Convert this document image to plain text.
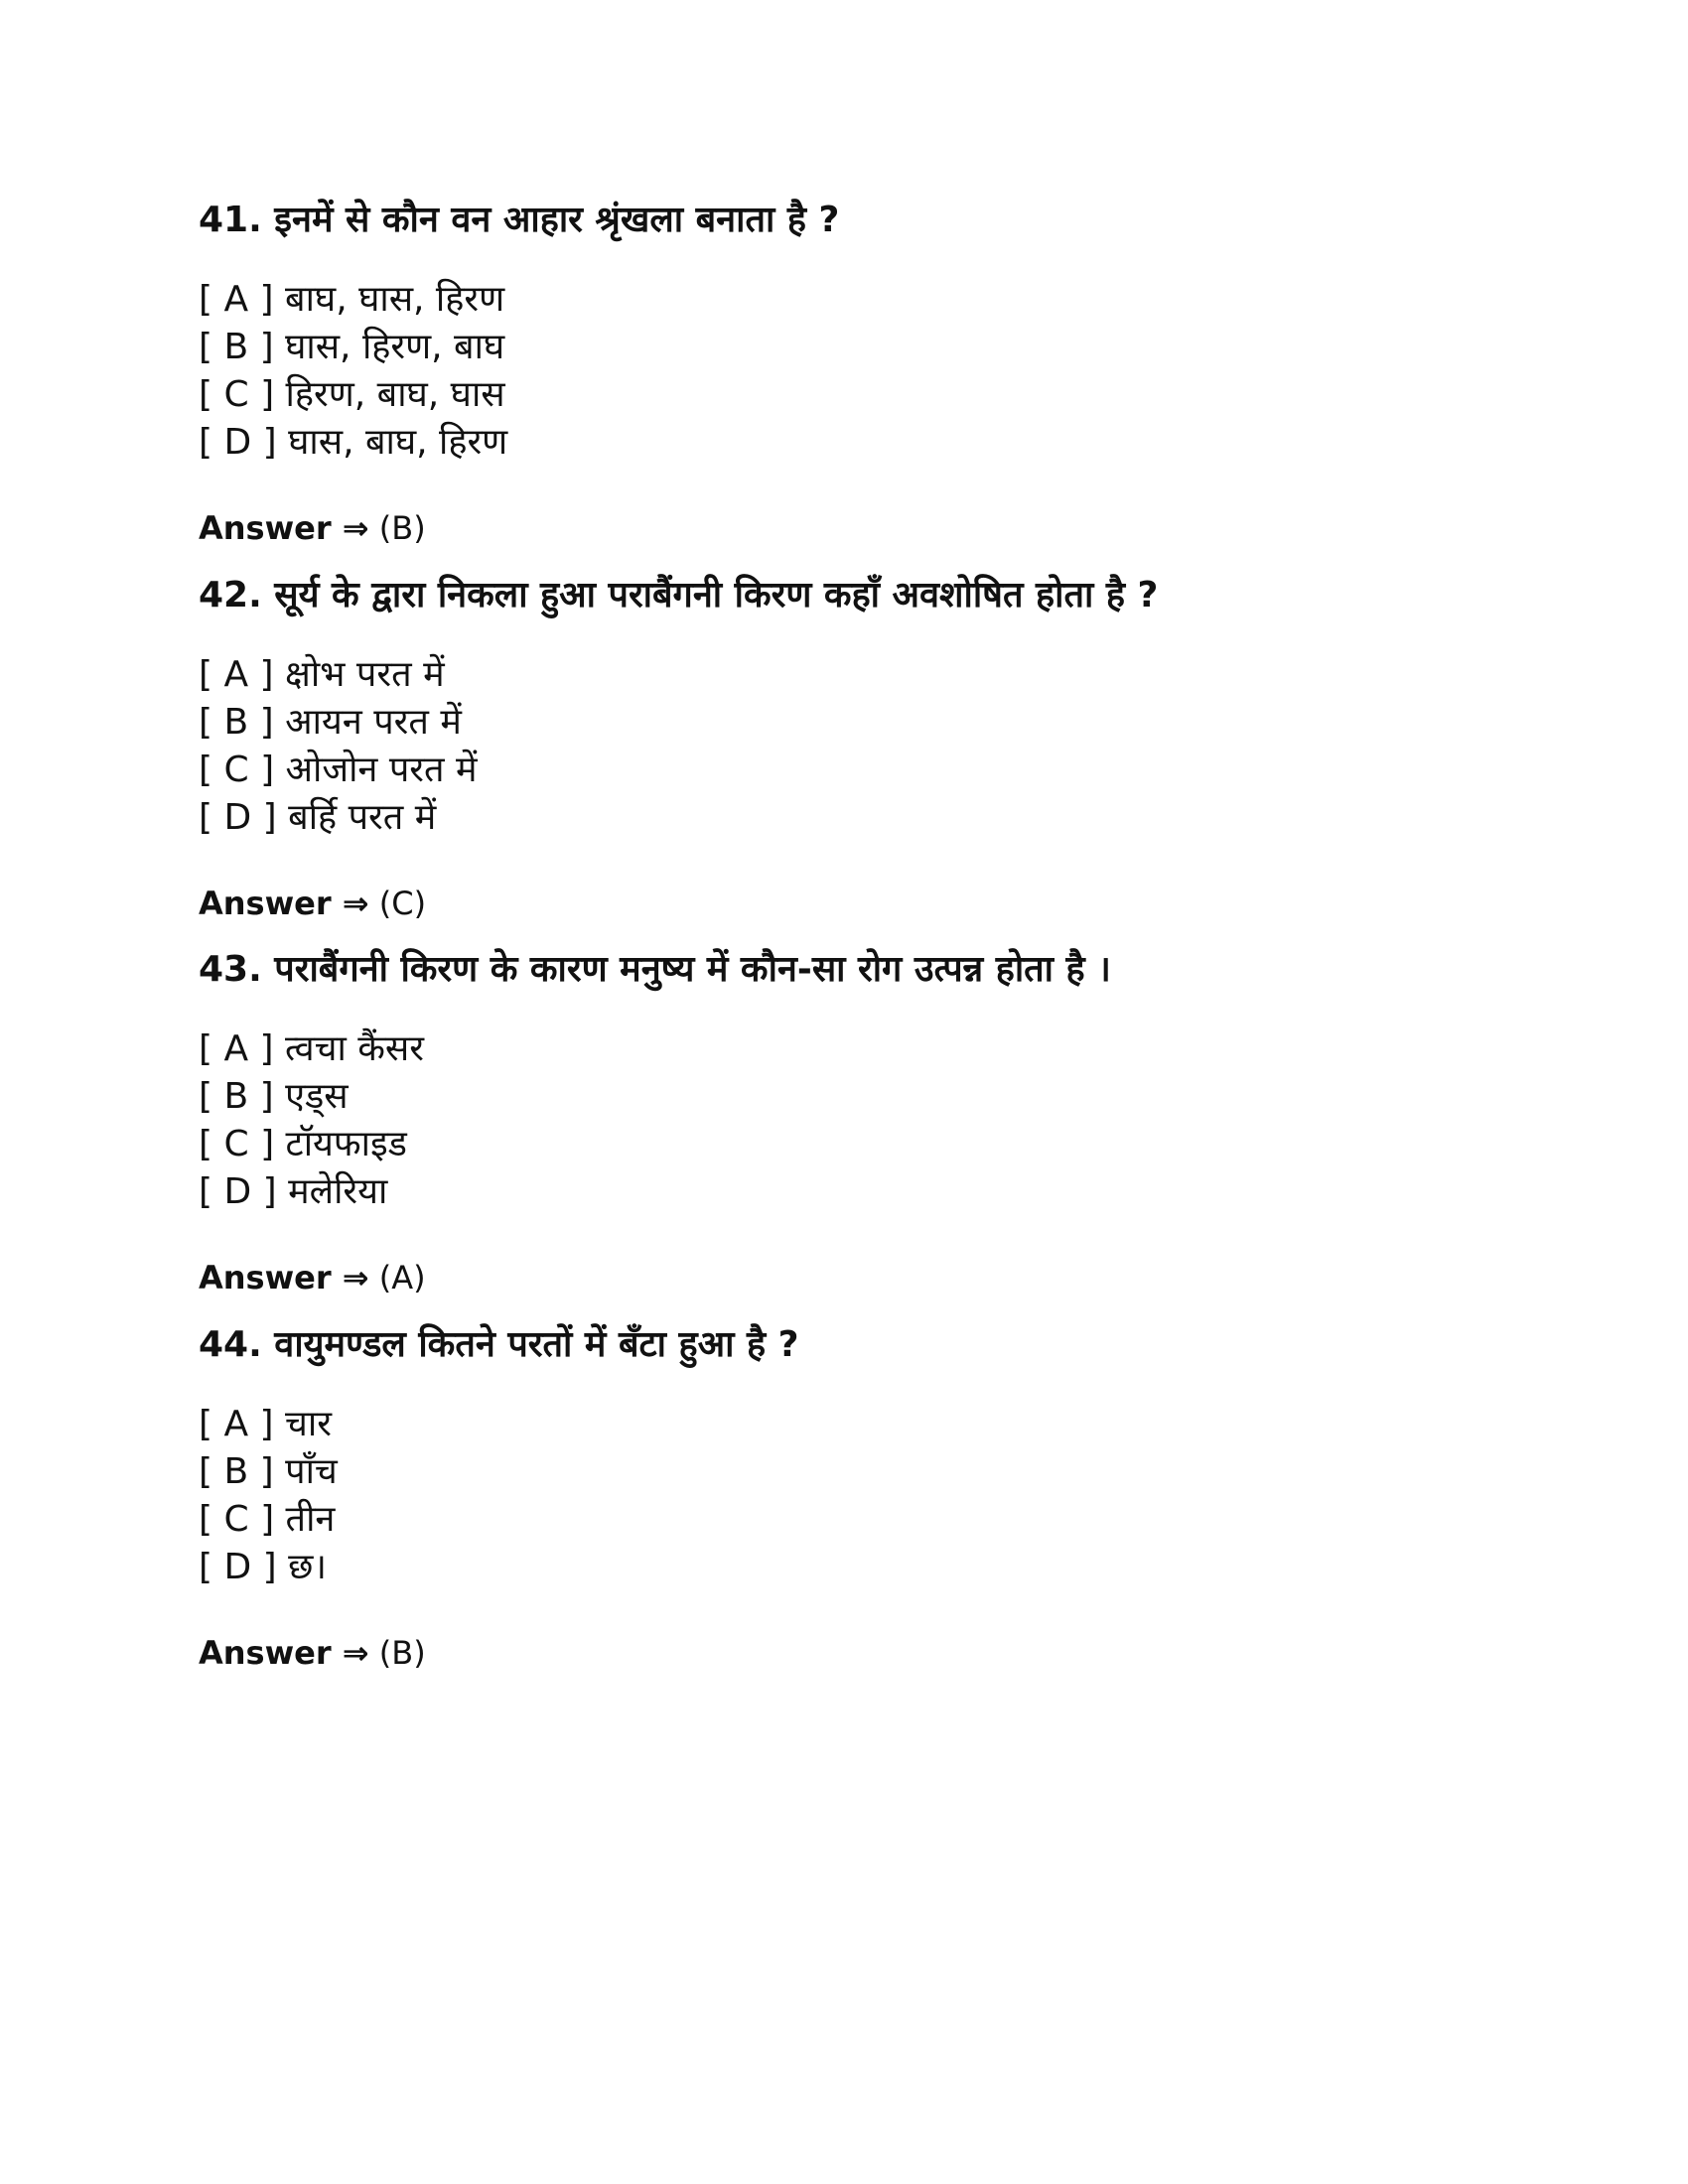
41. इनमें से कौन वन आहार श्रृंखला बनाता है ?
[ A ] बाघ, घास, हिरण
[ B ] घास, हिरण, बाघ
[ C ] हिरण, बाघ, घास
[ D ] घास, बाघ, हिरण
Answer ⇒ (B)
42. सूर्य के द्वारा निकला हुआ पराबैंगनी किरण कहाँ अवशोषित होता है ?
[ A ] क्षोभ परत में
[ B ] आयन परत में
[ C ] ओजोन परत में
[ D ] बर्हि परत में
Answer ⇒ (C)
43. पराबैंगनी किरण के कारण मनुष्य में कौन-सा रोग उत्पन्न होता है ।
[ A ] त्वचा कैंसर
[ B ] एड्स
[ C ] टॉयफाइड
[ D ] मलेरिया
Answer ⇒ (A)
44. वायुमण्डल कितने परतों में बँटा हुआ है ?
[ A ] चार
[ B ] पाँच
[ C ] तीन
[ D ] छ।
Answer ⇒ (B)
